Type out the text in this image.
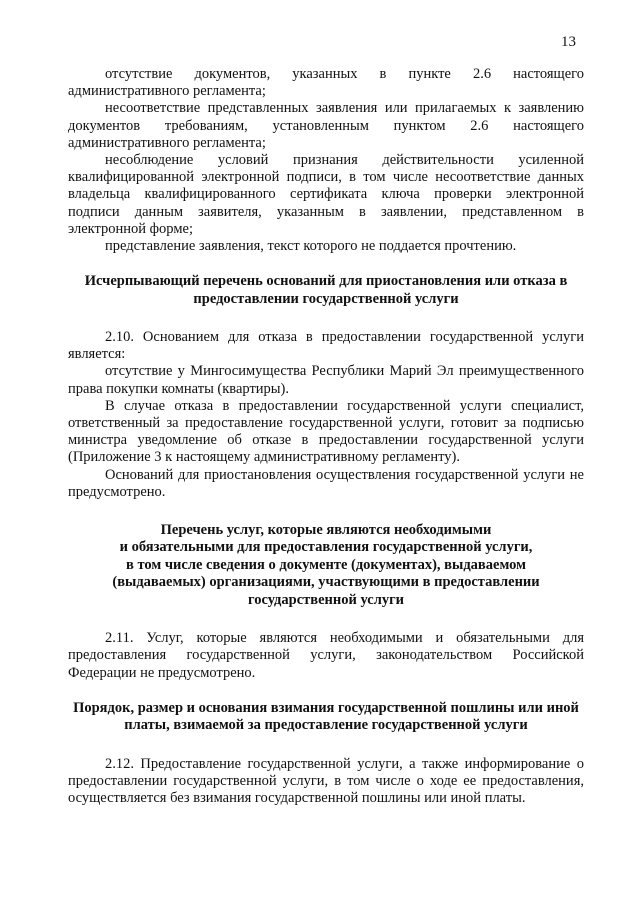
13

отсутствие документов, указанных в пункте 2.6 настоящего административного регламента;

несоответствие представленных заявления или прилагаемых к заявлению документов требованиям, установленным пунктом 2.6 настоящего административного регламента;

несоблюдение условий признания действительности усиленной квалифицированной электронной подписи, в том числе несоответствие данных владельца квалифицированного сертификата ключа проверки электронной подписи данным заявителя, указанным в заявлении, представленном в электронной форме;

представление заявления, текст которого не поддается прочтению.

Исчерпывающий перечень оснований для приостановления или отказа в предоставлении государственной услуги

2.10. Основанием для отказа в предоставлении государственной услуги является:

отсутствие у Мингосимущества Республики Марий Эл преимущественного права покупки комнаты (квартиры).

В случае отказа в предоставлении государственной услуги специалист, ответственный за предоставление государственной услуги, готовит за подписью министра уведомление об отказе в предоставлении государственной услуги (Приложение 3 к настоящему административному регламенту).

Оснований для приостановления осуществления государственной услуги не предусмотрено.

Перечень услуг, которые являются необходимыми

и обязательными для предоставления государственной услуги,

в том числе сведения о документе (документах), выдаваемом

(выдаваемых) организациями, участвующими в предоставлении

государственной услуги

2.11. Услуг, которые являются необходимыми и обязательными для предоставления государственной услуги, законодательством Российской Федерации не предусмотрено.

Порядок, размер и основания взимания государственной пошлины или иной платы, взимаемой за предоставление государственной услуги

2.12. Предоставление государственной услуги, а также информирование о предоставлении государственной услуги, в том числе о ходе ее предоставления, осуществляется без взимания государственной пошлины или иной платы.
